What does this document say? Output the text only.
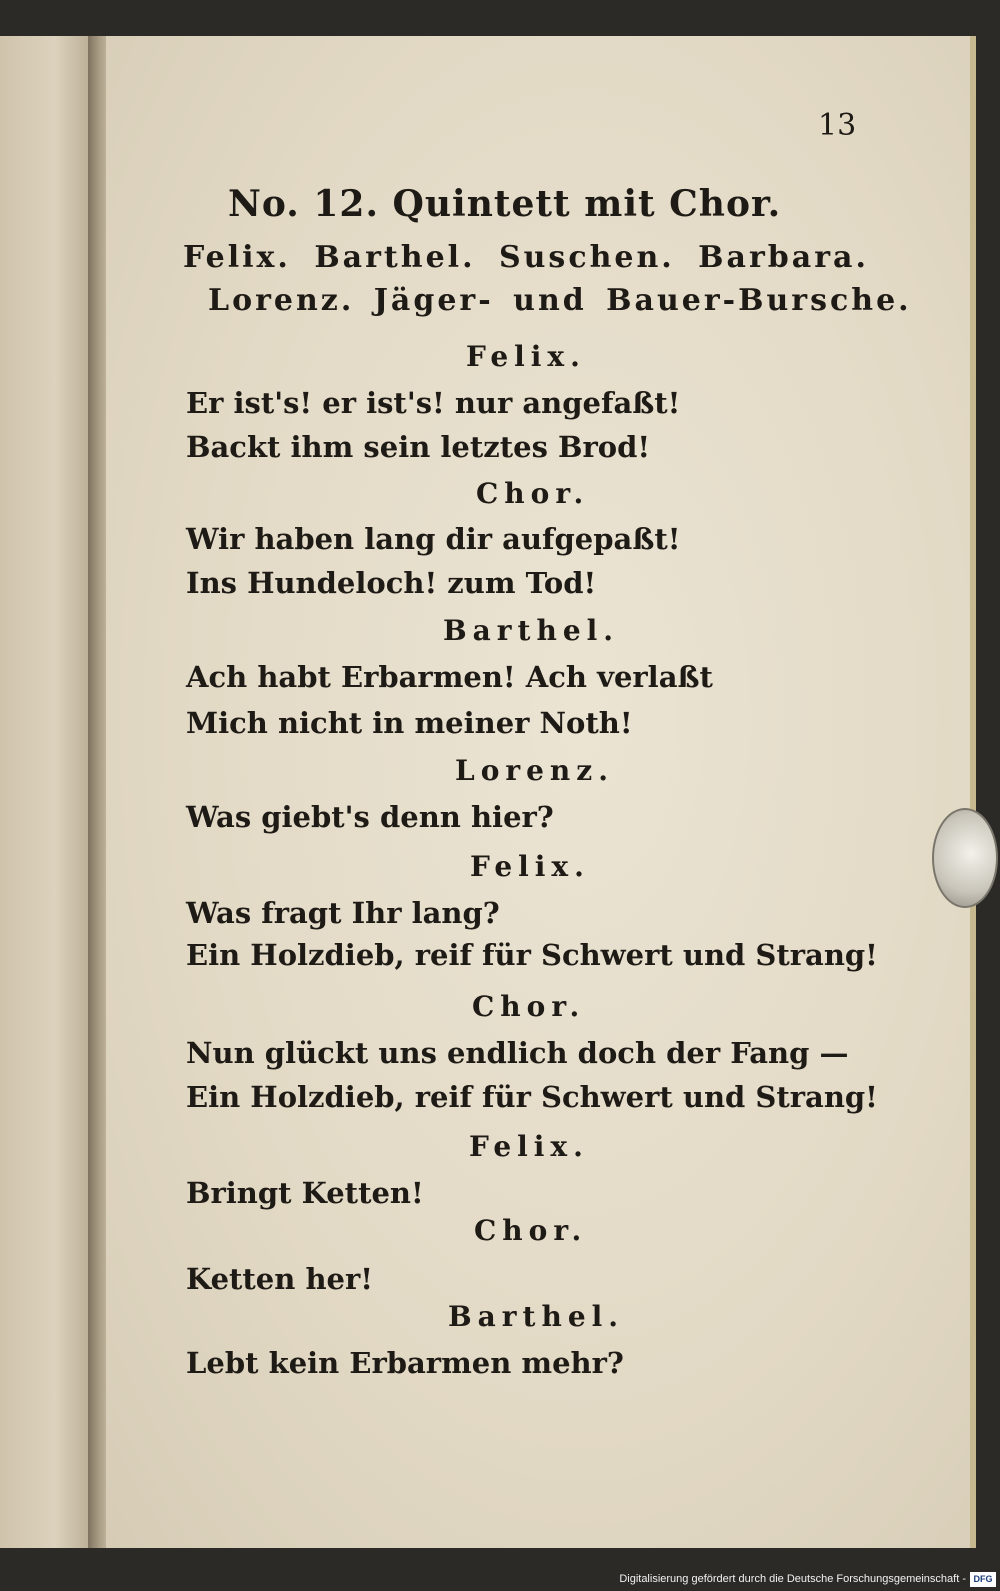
13
No. 12. Quintett mit Chor.
Felix. Barthel. Suschen. Barbara.
Lorenz. Jäger- und Bauer-Bursche.
Felix.
Er ist's! er ist's! nur angefaßt!
Backt ihm sein letztes Brod!
Chor.
Wir haben lang dir aufgepaßt!
Ins Hundeloch! zum Tod!
Barthel.
Ach habt Erbarmen! Ach verlaßt
Mich nicht in meiner Noth!
Lorenz.
Was giebt's denn hier?
Felix.
Was fragt Ihr lang?
Ein Holzdieb, reif für Schwert und Strang!
Chor.
Nun glückt uns endlich doch der Fang —
Ein Holzdieb, reif für Schwert und Strang!
Felix.
Bringt Ketten!
Chor.
Ketten her!
Barthel.
Lebt kein Erbarmen mehr?
Digitalisierung gefördert durch die Deutsche Forschungsgemeinschaft - DFG
